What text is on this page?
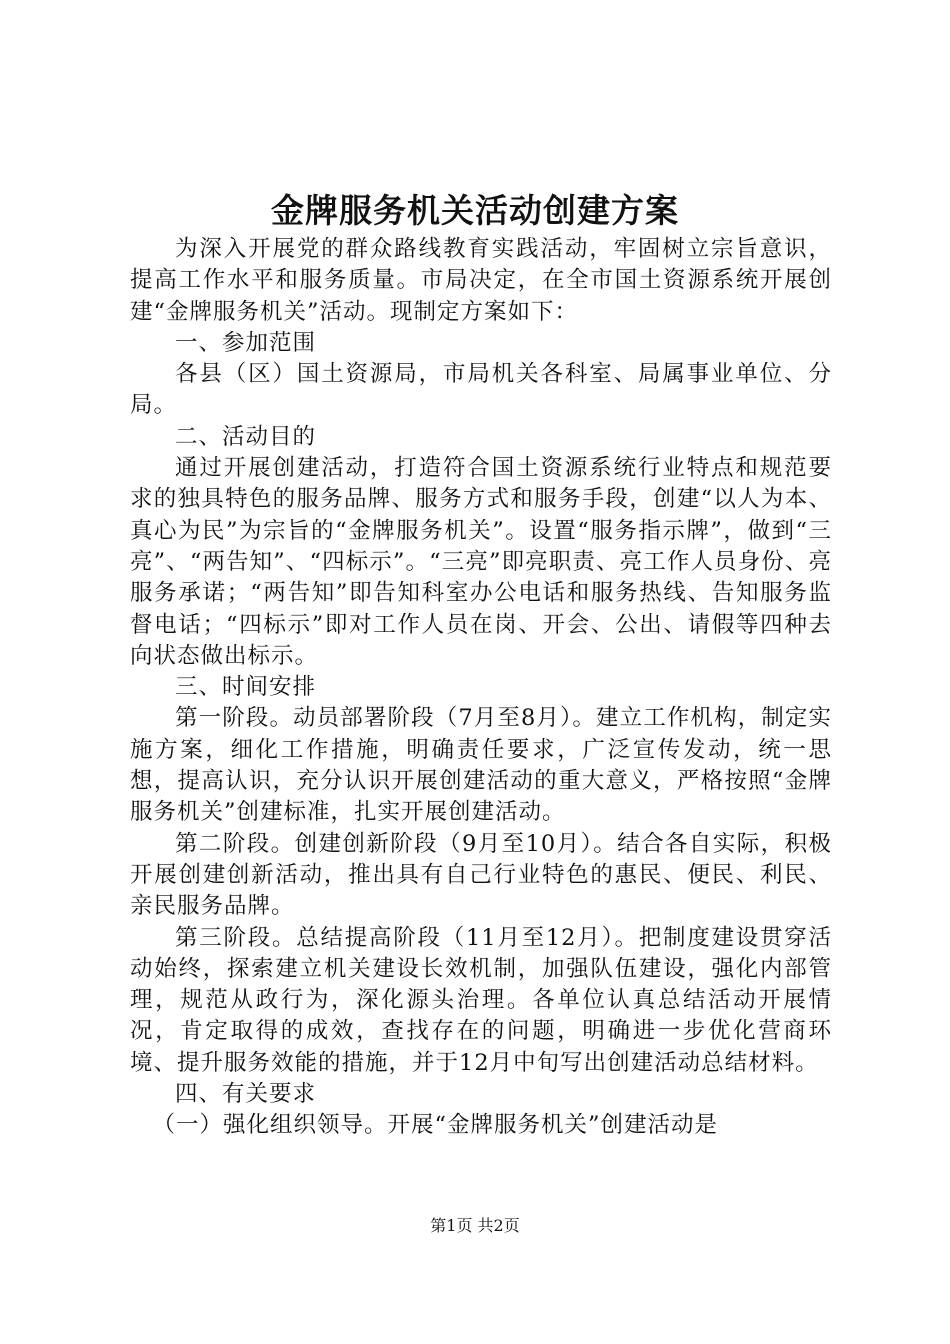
金牌服务机关活动创建方案

为深入开展党的群众路线教育实践活动，牢固树立宗旨意识，提高工作水平和服务质量。市局决定，在全市国土资源系统开展创建“金牌服务机关”活动。现制定方案如下：

一、参加范围

各县（区）国土资源局，市局机关各科室、局属事业单位、分局。

二、活动目的

通过开展创建活动，打造符合国土资源系统行业特点和规范要求的独具特色的服务品牌、服务方式和服务手段，创建“以人为本、真心为民”为宗旨的“金牌服务机关”。设置“服务指示牌”，做到“三亮”、“两告知”、“四标示”。“三亮”即亮职责、亮工作人员身份、亮服务承诺；“两告知”即告知科室办公电话和服务热线、告知服务监督电话；“四标示”即对工作人员在岗、开会、公出、请假等四种去向状态做出标示。

三、时间安排

第一阶段。动员部署阶段（7月至8月）。建立工作机构，制定实施方案，细化工作措施，明确责任要求，广泛宣传发动，统一思想，提高认识，充分认识开展创建活动的重大意义，严格按照“金牌服务机关”创建标准，扎实开展创建活动。

第二阶段。创建创新阶段（9月至10月）。结合各自实际，积极开展创建创新活动，推出具有自己行业特色的惠民、便民、利民、亲民服务品牌。

第三阶段。总结提高阶段（11月至12月）。把制度建设贯穿活动始终，探索建立机关建设长效机制，加强队伍建设，强化内部管理，规范从政行为，深化源头治理。各单位认真总结活动开展情况，肯定取得的成效，查找存在的问题，明确进一步优化营商环境、提升服务效能的措施，并于12月中旬写出创建活动总结材料。

四、有关要求

（一）强化组织领导。开展“金牌服务机关”创建活动是

第1页 共2页
